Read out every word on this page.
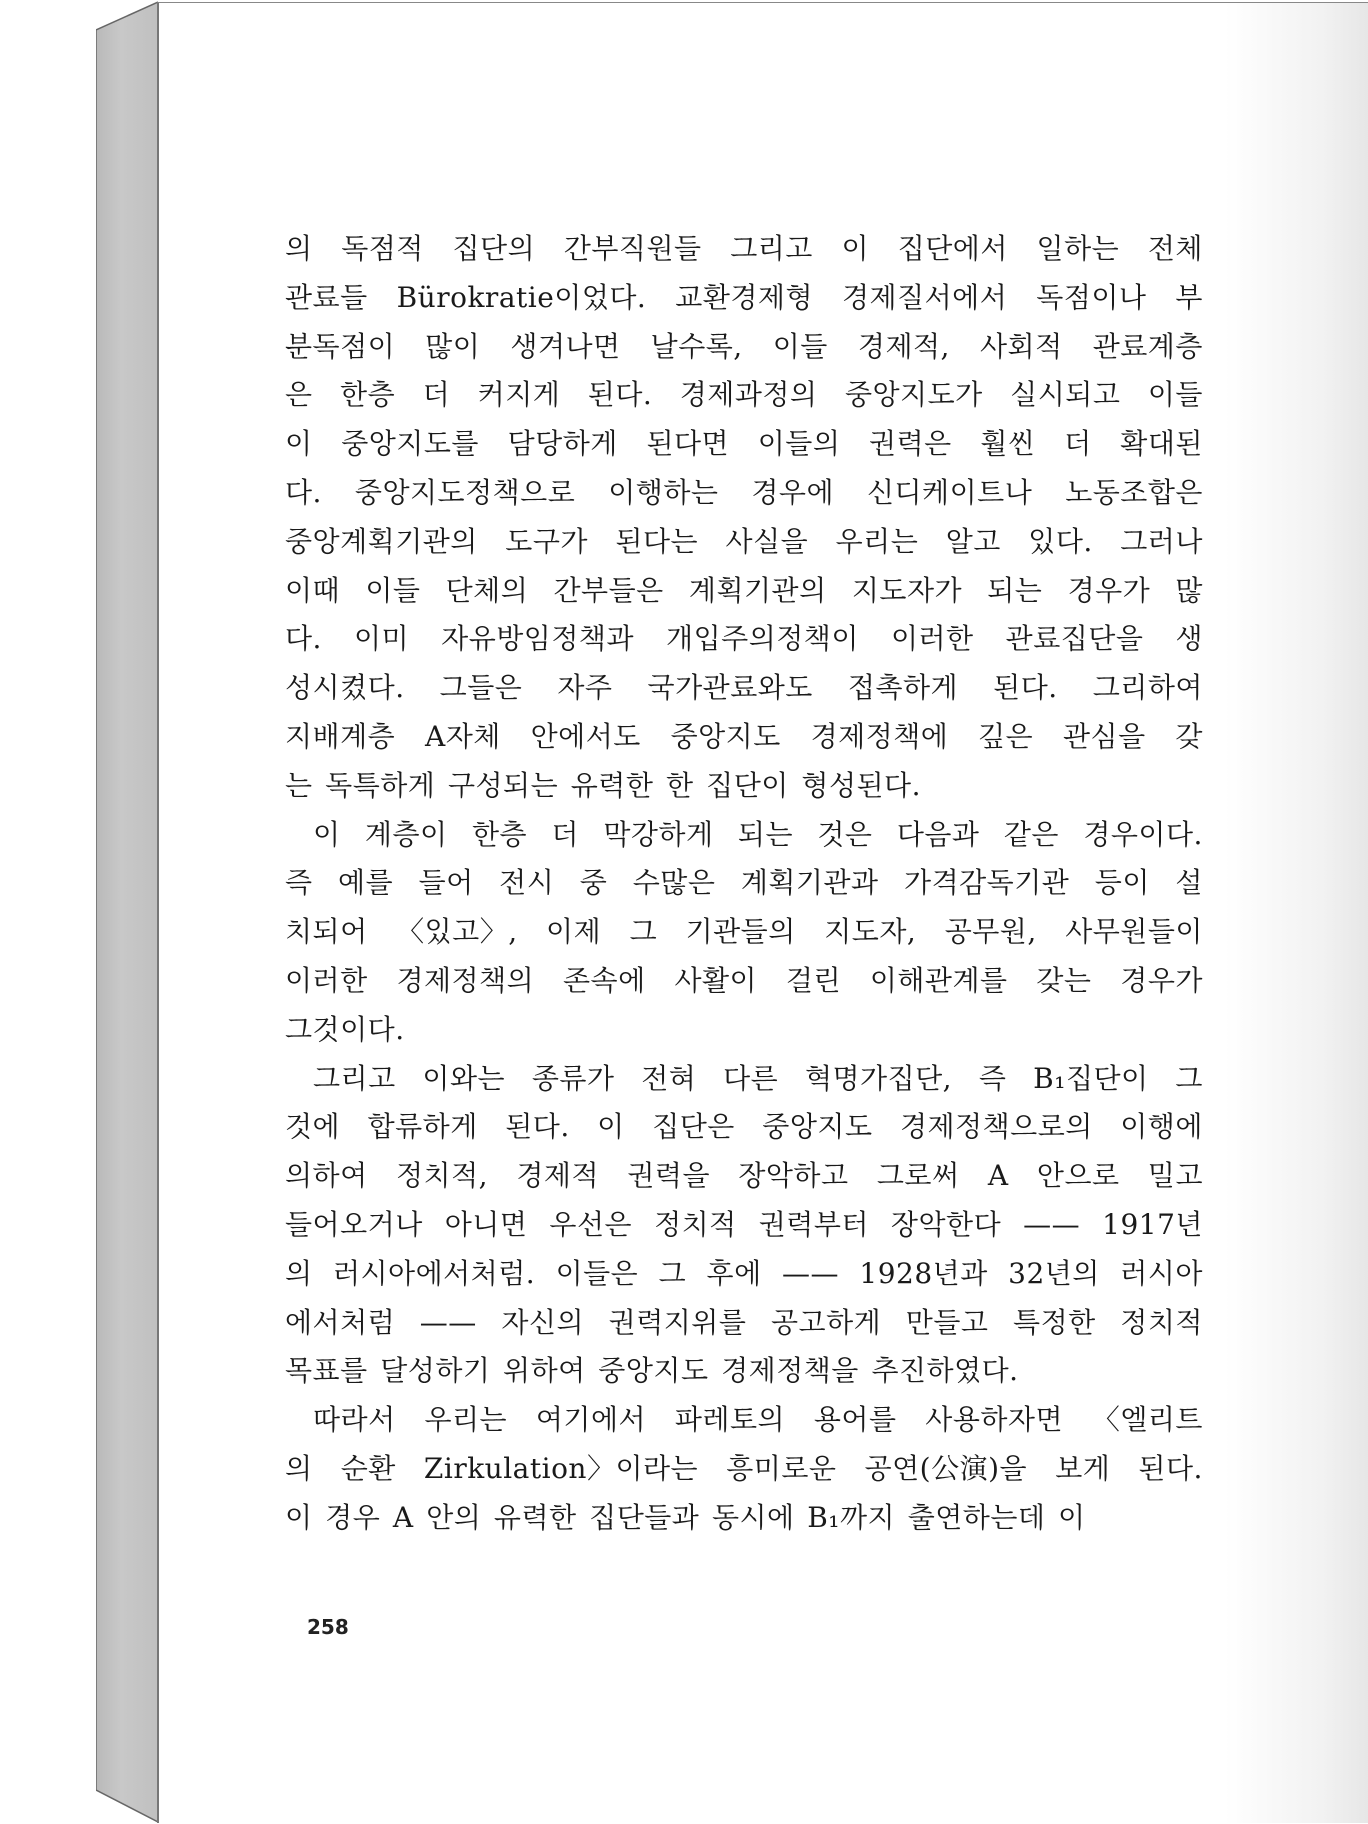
의 독점적 집단의 간부직원들 그리고 이 집단에서 일하는 전체
관료들 Bürokratie이었다. 교환경제형 경제질서에서 독점이나 부
분독점이 많이 생겨나면 날수록, 이들 경제적, 사회적 관료계층
은 한층 더 커지게 된다. 경제과정의 중앙지도가 실시되고 이들
이 중앙지도를 담당하게 된다면 이들의 권력은 훨씬 더 확대된
다. 중앙지도정책으로 이행하는 경우에 신디케이트나 노동조합은
중앙계획기관의 도구가 된다는 사실을 우리는 알고 있다. 그러나
이때 이들 단체의 간부들은 계획기관의 지도자가 되는 경우가 많
다. 이미 자유방임정책과 개입주의정책이 이러한 관료집단을 생
성시켰다. 그들은 자주 국가관료와도 접촉하게 된다. 그리하여
지배계층 A자체 안에서도 중앙지도 경제정책에 깊은 관심을 갖
는 독특하게 구성되는 유력한 한 집단이 형성된다.
이 계층이 한층 더 막강하게 되는 것은 다음과 같은 경우이다.
즉 예를 들어 전시 중 수많은 계획기관과 가격감독기관 등이 설
치되어 〈있고〉, 이제 그 기관들의 지도자, 공무원, 사무원들이
이러한 경제정책의 존속에 사활이 걸린 이해관계를 갖는 경우가
그것이다.
그리고 이와는 종류가 전혀 다른 혁명가집단, 즉 B₁집단이 그
것에 합류하게 된다. 이 집단은 중앙지도 경제정책으로의 이행에
의하여 정치적, 경제적 권력을 장악하고 그로써 A 안으로 밀고
들어오거나 아니면 우선은 정치적 권력부터 장악한다 —— 1917년
의 러시아에서처럼. 이들은 그 후에 —— 1928년과 32년의 러시아
에서처럼 —— 자신의 권력지위를 공고하게 만들고 특정한 정치적
목표를 달성하기 위하여 중앙지도 경제정책을 추진하였다.
따라서 우리는 여기에서 파레토의 용어를 사용하자면 〈엘리트
의 순환 Zirkulation〉이라는 흥미로운 공연(公演)을 보게 된다.
이 경우 A 안의 유력한 집단들과 동시에 B₁까지 출연하는데 이
258
